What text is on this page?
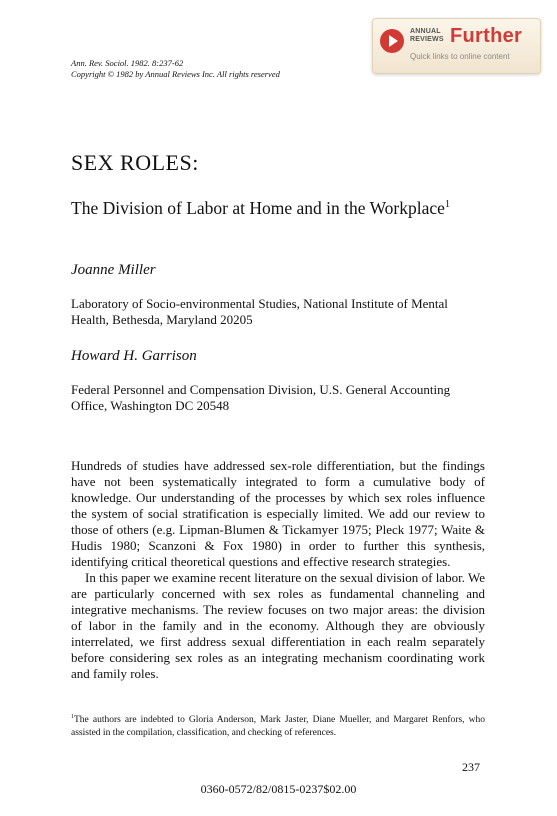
ANNUAL
REVIEWS Further
Quick links to online content
Ann. Rev. Sociol. 1982. 8:237-62
Copyright © 1982 by Annual Reviews Inc. All rights reserved
SEX ROLES:
The Division of Labor at Home and in the Workplace$^1$
Joanne Miller
Laboratory of Socio-environmental Studies, National Institute of Mental Health, Bethesda, Maryland 20205
Howard H. Garrison
Federal Personnel and Compensation Division, U.S. General Accounting Office, Washington DC 20548

Hundreds of studies have addressed sex-role differentiation, but the findings have not been systematically integrated to form a cumulative body of knowledge. Our understanding of the processes by which sex roles influence the system of social stratification is especially limited. We add our review to those of others (e.g. Lipman-Blumen & Tickamyer 1975; Pleck 1977; Waite & Hudis 1980; Scanzoni & Fox 1980) in order to further this synthesis, identifying critical theoretical questions and effective research strategies.

In this paper we examine recent literature on the sexual division of labor. We are particularly concerned with sex roles as fundamental channeling and integrative mechanisms. The review focuses on two major areas: the division of labor in the family and in the economy. Although they are obviously interrelated, we first address sexual differentiation in each realm separately before considering sex roles as an integrating mechanism coordinating work and family roles.

$^1$The authors are indebted to Gloria Anderson, Mark Jaster, Diane Mueller, and Margaret Renfors, who assisted in the compilation, classification, and checking of references.
237
0360-0572/82/0815-0237$02.00
